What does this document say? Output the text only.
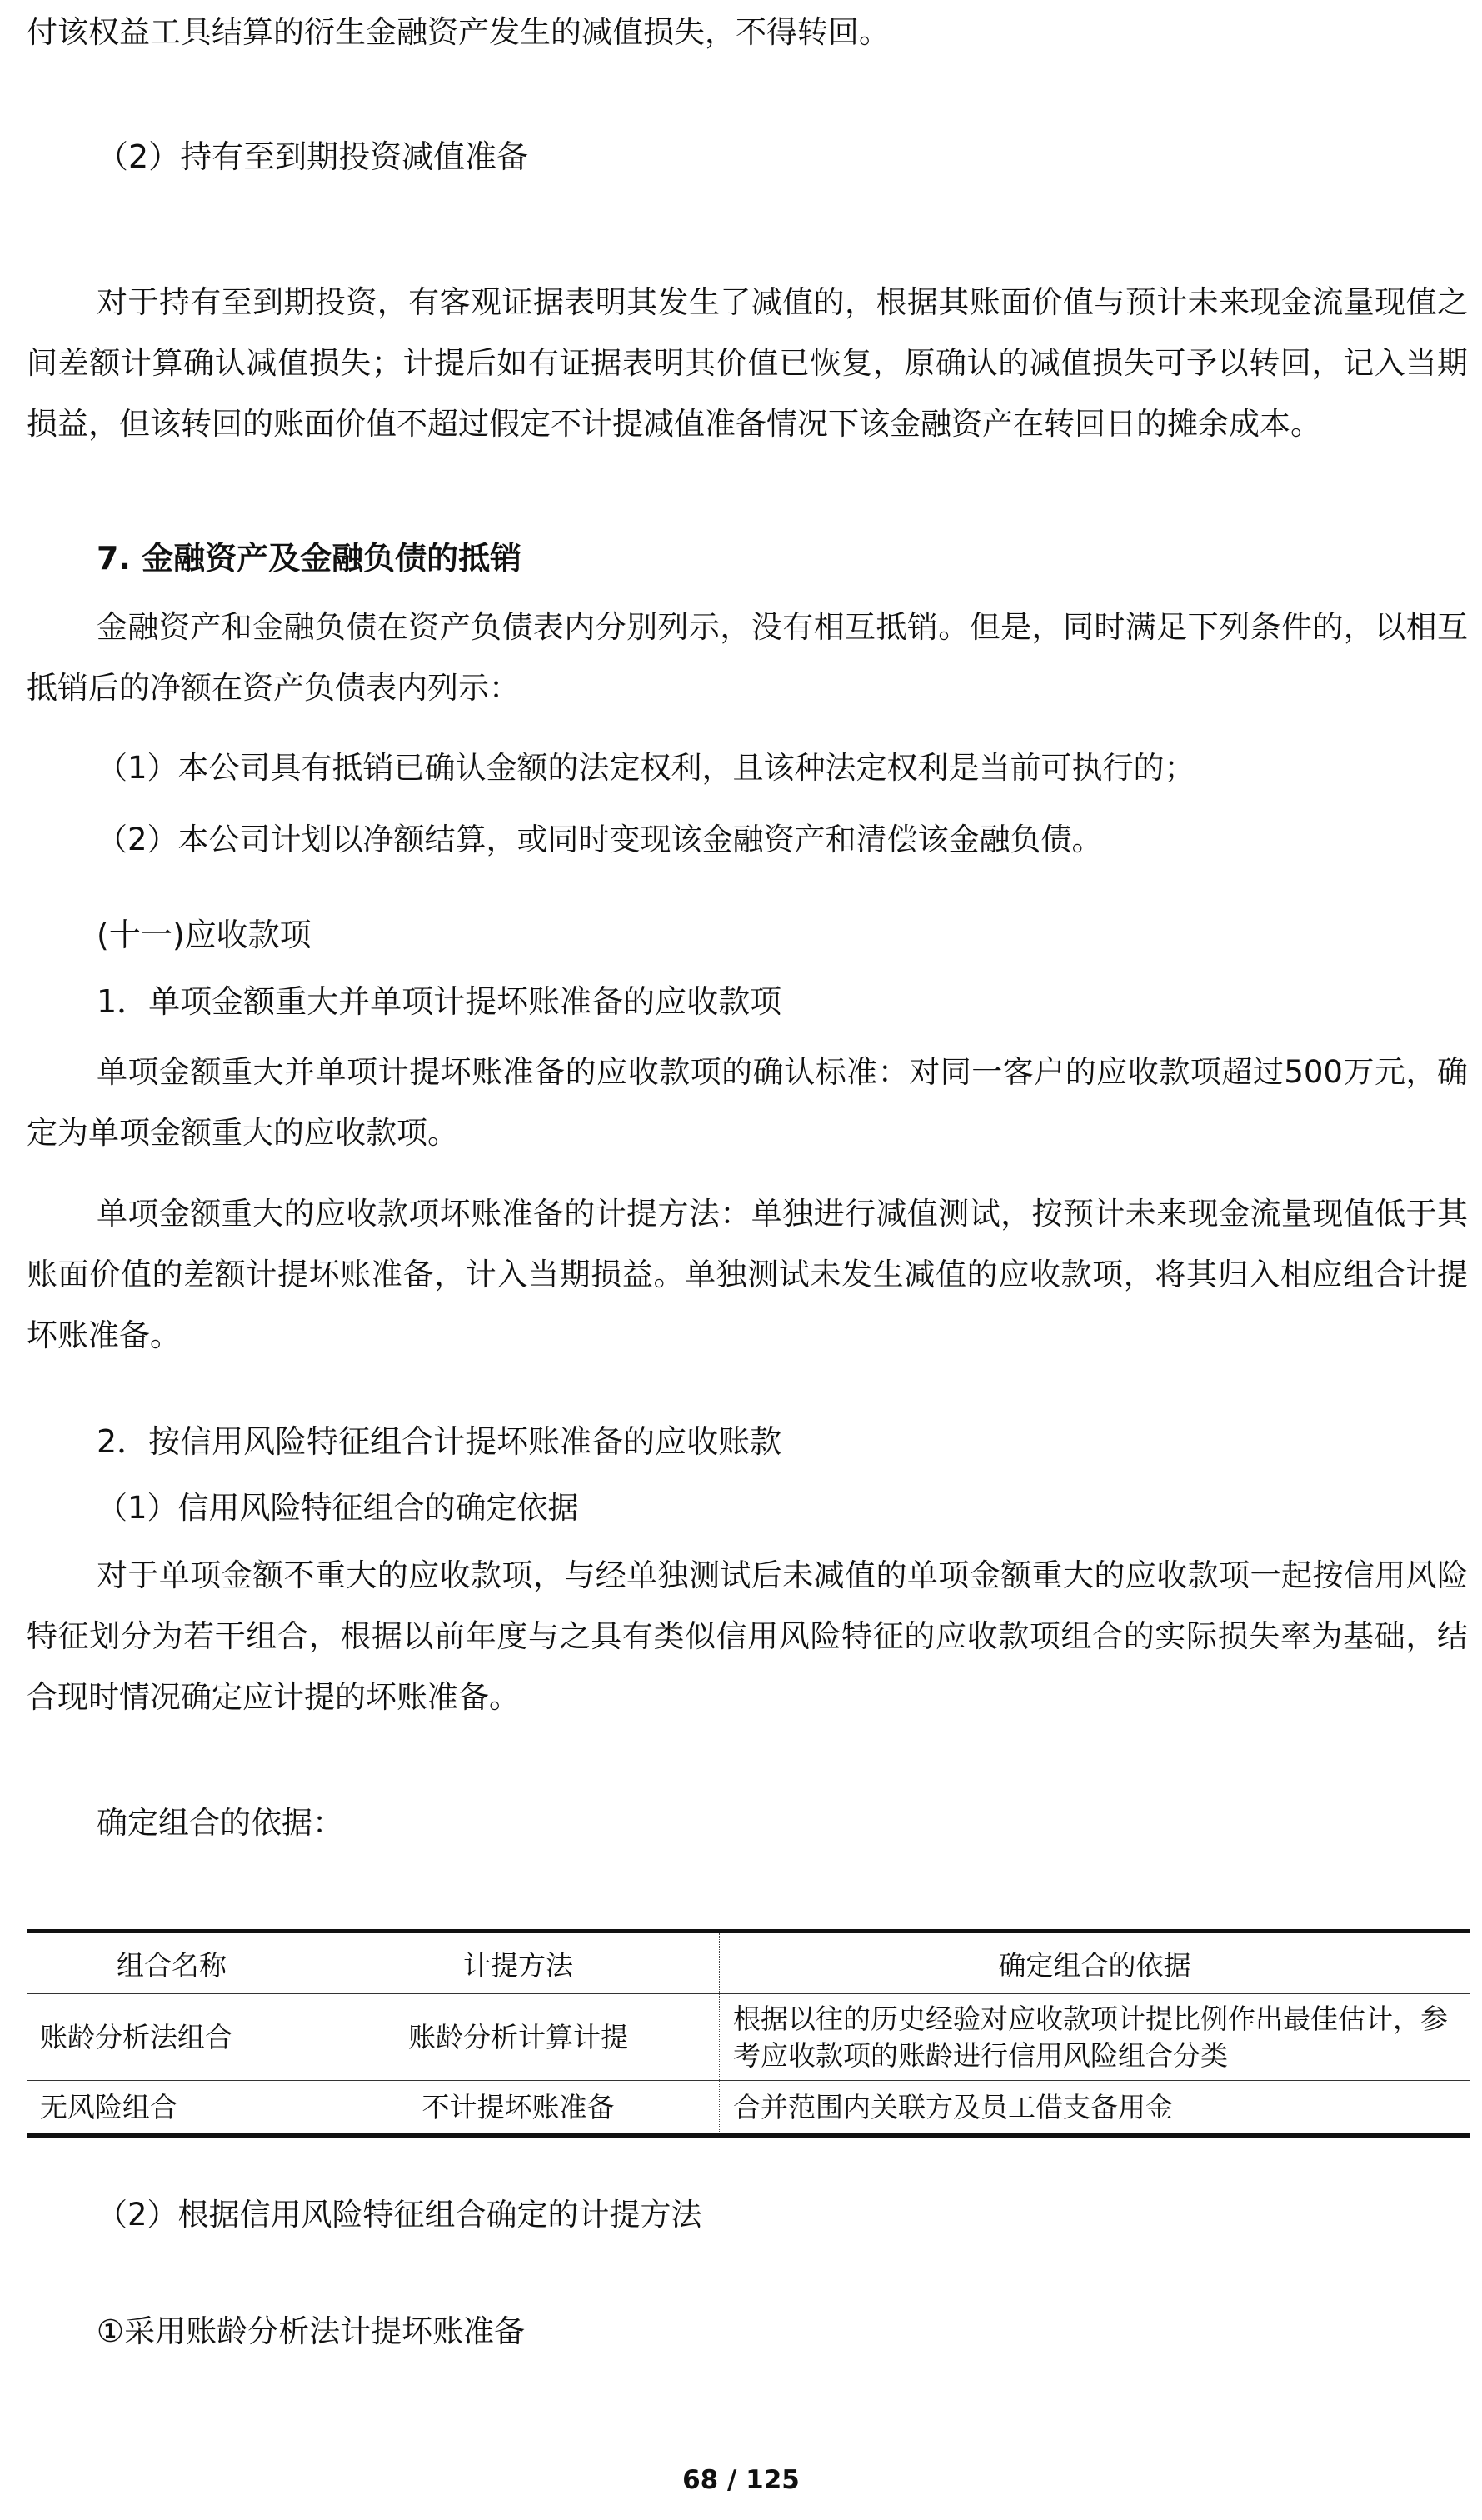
付该权益工具结算的衍生金融资产发生的减值损失，不得转回。

（2）持有至到期投资减值准备

对于持有至到期投资，有客观证据表明其发生了减值的，根据其账面价值与预计未来现金流量现值之间差额计算确认减值损失；计提后如有证据表明其价值已恢复，原确认的减值损失可予以转回，记入当期损益，但该转回的账面价值不超过假定不计提减值准备情况下该金融资产在转回日的摊余成本。

7. 金融资产及金融负债的抵销

金融资产和金融负债在资产负债表内分别列示，没有相互抵销。但是，同时满足下列条件的，以相互抵销后的净额在资产负债表内列示：

（1）本公司具有抵销已确认金额的法定权利，且该种法定权利是当前可执行的；

（2）本公司计划以净额结算，或同时变现该金融资产和清偿该金融负债。

(十一)应收款项

1．单项金额重大并单项计提坏账准备的应收款项

单项金额重大并单项计提坏账准备的应收款项的确认标准：对同一客户的应收款项超过500万元，确定为单项金额重大的应收款项。

单项金额重大的应收款项坏账准备的计提方法：单独进行减值测试，按预计未来现金流量现值低于其账面价值的差额计提坏账准备，计入当期损益。单独测试未发生减值的应收款项，将其归入相应组合计提坏账准备。

2．按信用风险特征组合计提坏账准备的应收账款

（1）信用风险特征组合的确定依据

对于单项金额不重大的应收款项，与经单独测试后未减值的单项金额重大的应收款项一起按信用风险特征划分为若干组合，根据以前年度与之具有类似信用风险特征的应收款项组合的实际损失率为基础，结合现时情况确定应计提的坏账准备。

确定组合的依据：

组合名称	计提方法	确定组合的依据
账龄分析法组合	账龄分析计算计提	根据以往的历史经验对应收款项计提比例作出最佳估计，参考应收款项的账龄进行信用风险组合分类
无风险组合	不计提坏账准备	合并范围内关联方及员工借支备用金

（2）根据信用风险特征组合确定的计提方法

①采用账龄分析法计提坏账准备

68 / 125
